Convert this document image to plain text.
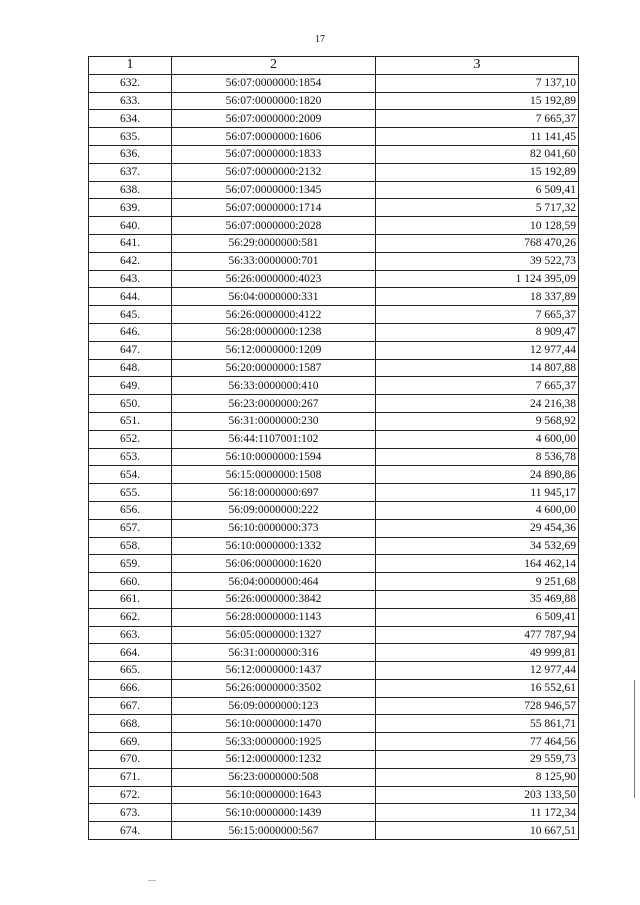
17
1	2	3
632.	56:07:0000000:1854	7 137,10
633.	56:07:0000000:1820	15 192,89
634.	56:07:0000000:2009	7 665,37
635.	56:07:0000000:1606	11 141,45
636.	56:07:0000000:1833	82 041,60
637.	56:07:0000000:2132	15 192,89
638.	56:07:0000000:1345	6 509,41
639.	56:07:0000000:1714	5 717,32
640.	56:07:0000000:2028	10 128,59
641.	56:29:0000000:581	768 470,26
642.	56:33:0000000:701	39 522,73
643.	56:26:0000000:4023	1 124 395,09
644.	56:04:0000000:331	18 337,89
645.	56:26:0000000:4122	7 665,37
646.	56:28:0000000:1238	8 909,47
647.	56:12:0000000:1209	12 977,44
648.	56:20:0000000:1587	14 807,88
649.	56:33:0000000:410	7 665,37
650.	56:23:0000000:267	24 216,38
651.	56:31:0000000:230	9 568,92
652.	56:44:1107001:102	4 600,00
653.	56:10:0000000:1594	8 536,78
654.	56:15:0000000:1508	24 890,86
655.	56:18:0000000:697	11 945,17
656.	56:09:0000000:222	4 600,00
657.	56:10:0000000:373	29 454,36
658.	56:10:0000000:1332	34 532,69
659.	56:06:0000000:1620	164 462,14
660.	56:04:0000000:464	9 251,68
661.	56:26:0000000:3842	35 469,88
662.	56:28:0000000:1143	6 509,41
663.	56:05:0000000:1327	477 787,94
664.	56:31:0000000:316	49 999,81
665.	56:12:0000000:1437	12 977,44
666.	56:26:0000000:3502	16 552,61
667.	56:09:0000000:123	728 946,57
668.	56:10:0000000:1470	55 861,71
669.	56:33:0000000:1925	77 464,56
670.	56:12:0000000:1232	29 559,73
671.	56:23:0000000:508	8 125,90
672.	56:10:0000000:1643	203 133,50
673.	56:10:0000000:1439	11 172,34
674.	56:15:0000000:567	10 667,51
